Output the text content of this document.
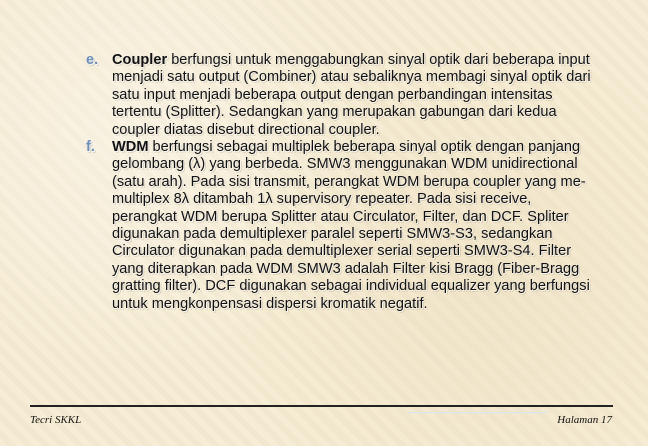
e. Coupler berfungsi untuk menggabungkan sinyal optik dari beberapa input menjadi satu output (Combiner) atau sebaliknya membagi sinyal optik dari satu input menjadi beberapa output dengan perbandingan intensitas tertentu (Splitter). Sedangkan yang merupakan gabungan dari kedua coupler diatas disebut directional coupler.
f.	WDM berfungsi sebagai multiplek beberapa sinyal optik dengan panjang gelombang (λ) yang berbeda. SMW3 menggunakan WDM unidirectional (satu arah). Pada sisi transmit, perangkat WDM berupa coupler yang me-multiplex 8λ ditambah 1λ supervisory repeater. Pada sisi receive, perangkat WDM berupa Splitter atau Circulator, Filter, dan DCF. Spliter digunakan pada demultiplexer paralel seperti SMW3-S3, sedangkan Circulator digunakan pada demultiplexer serial seperti SMW3-S4. Filter yang diterapkan pada WDM SMW3 adalah Filter kisi Bragg (Fiber-Bragg gratting filter). DCF digunakan sebagai individual equalizer yang berfungsi untuk mengkonpensasi dispersi kromatik negatif.
Tecri SKKL	Halaman 17
